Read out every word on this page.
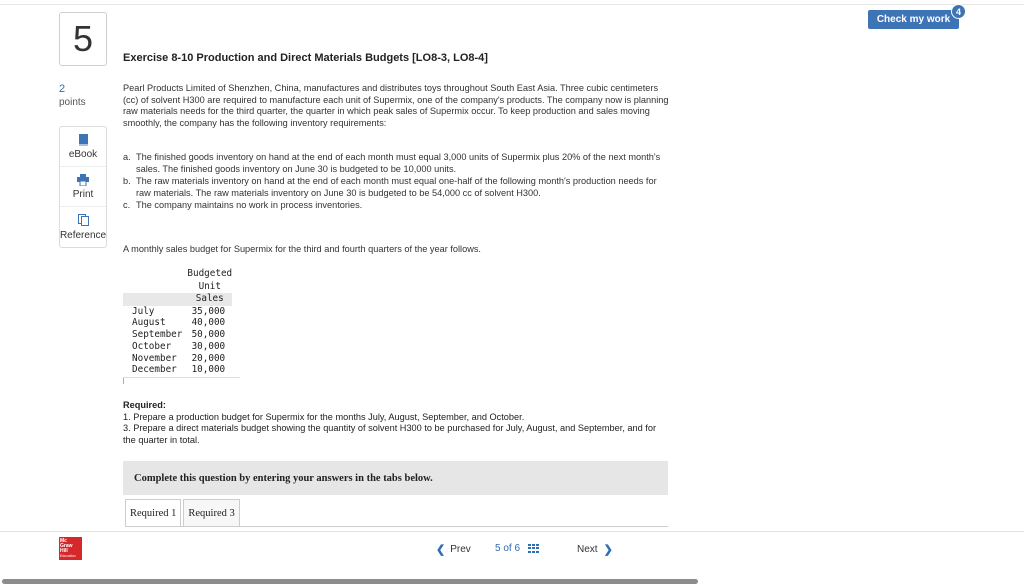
5
2
points
eBook
Print
Reference
Check my work
4
Exercise 8-10 Production and Direct Materials Budgets [LO8-3, LO8-4]
Pearl Products Limited of Shenzhen, China, manufactures and distributes toys throughout South East Asia. Three cubic centimeters (cc) of solvent H300 are required to manufacture each unit of Supermix, one of the company's products. The company now is planning raw materials needs for the third quarter, the quarter in which peak sales of Supermix occur. To keep production and sales moving smoothly, the company has the following inventory requirements:
a. The finished goods inventory on hand at the end of each month must equal 3,000 units of Supermix plus 20% of the next month's sales. The finished goods inventory on June 30 is budgeted to be 10,000 units.
b. The raw materials inventory on hand at the end of each month must equal one-half of the following month's production needs for raw materials. The raw materials inventory on June 30 is budgeted to be 54,000 cc of solvent H300.
c. The company maintains no work in process inventories.
A monthly sales budget for Supermix for the third and fourth quarters of the year follows.
	Budgeted
	Unit
	Sales
July	35,000
August	40,000
September	50,000
October	30,000
November	20,000
December	10,000
Required:
1. Prepare a production budget for Supermix for the months July, August, September, and October.
3. Prepare a direct materials budget showing the quantity of solvent H300 to be purchased for July, August, and September, and for the quarter in total.
Complete this question by entering your answers in the tabs below.
Required 1	Required 3
Mc
Graw
Hill
Education	❮ Prev 5
of
6	Next ❯
